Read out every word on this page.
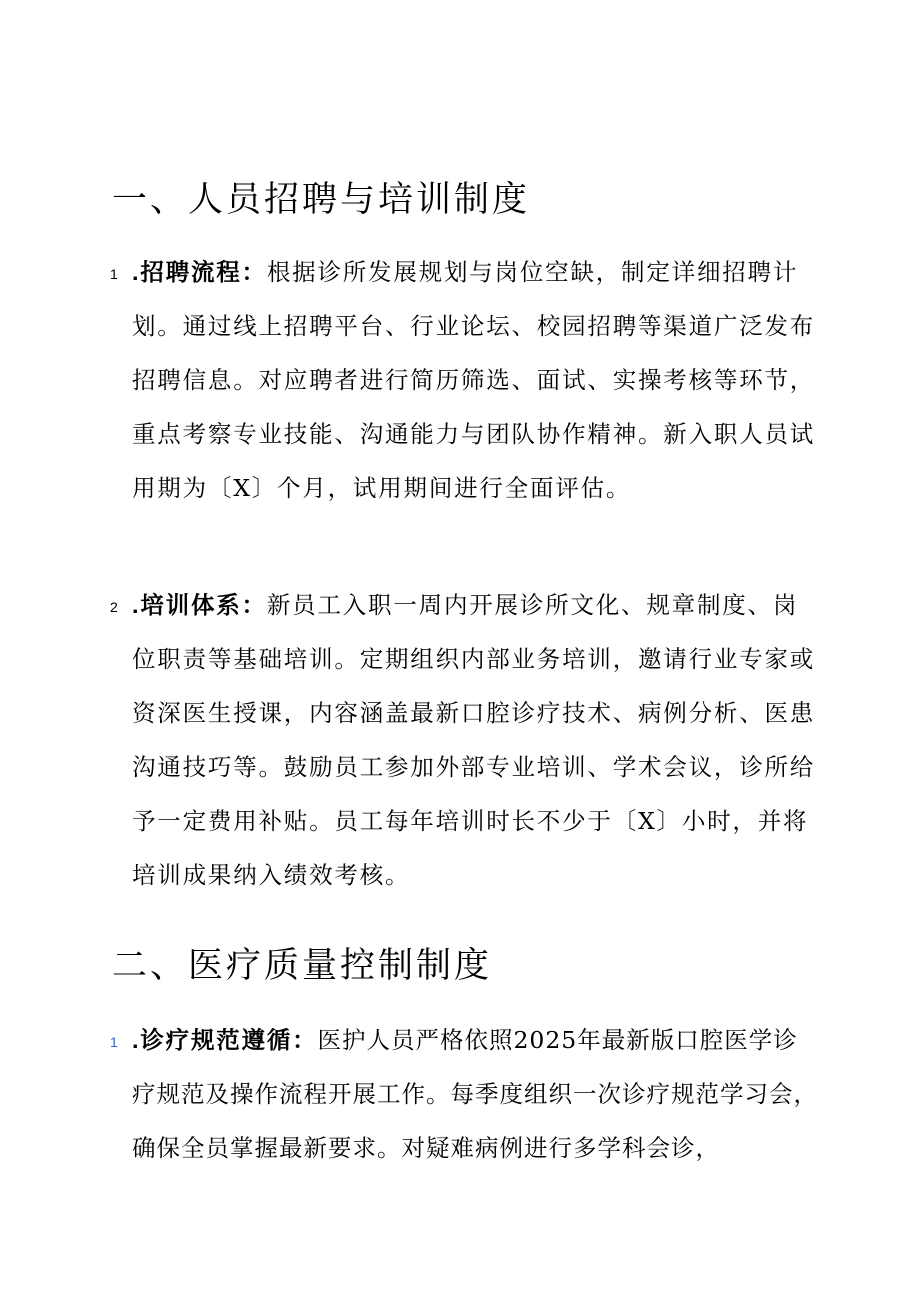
一、人员招聘与培训制度
1 .招聘流程：根据诊所发展规划与岗位空缺，制定详细招聘计划。通过线上招聘平台、行业论坛、校园招聘等渠道广泛发布招聘信息。对应聘者进行简历筛选、面试、实操考核等环节，重点考察专业技能、沟通能力与团队协作精神。新入职人员试用期为〔X〕个月，试用期间进行全面评估。
2 .培训体系：新员工入职一周内开展诊所文化、规章制度、岗位职责等基础培训。定期组织内部业务培训，邀请行业专家或资深医生授课，内容涵盖最新口腔诊疗技术、病例分析、医患沟通技巧等。鼓励员工参加外部专业培训、学术会议，诊所给予一定费用补贴。员工每年培训时长不少于〔X〕小时，并将培训成果纳入绩效考核。
二、医疗质量控制制度
1 .诊疗规范遵循：医护人员严格依照2025年最新版口腔医学诊疗规范及操作流程开展工作。每季度组织一次诊疗规范学习会，确保全员掌握最新要求。对疑难病例进行多学科会诊，
